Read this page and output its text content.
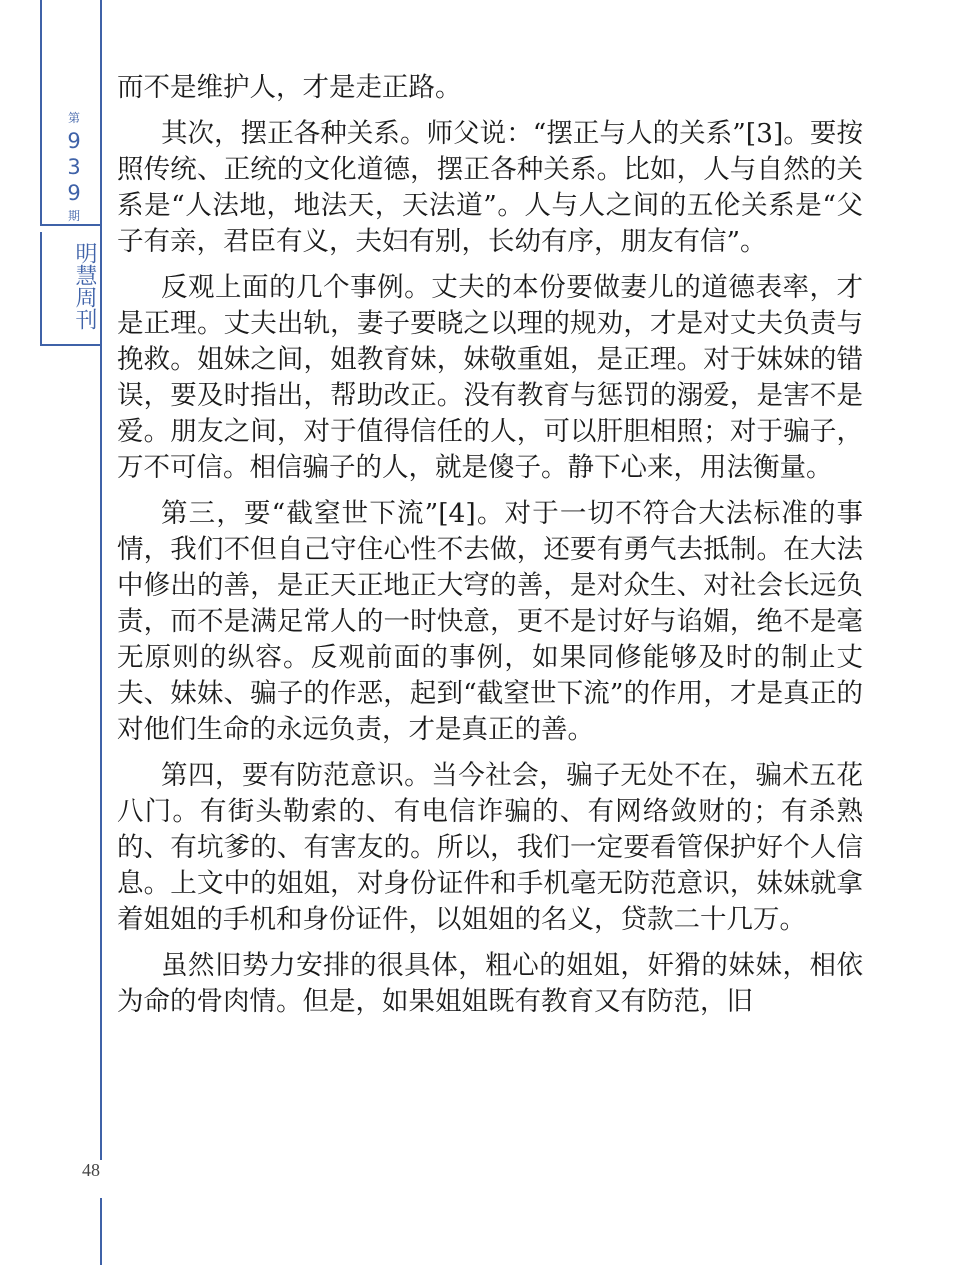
第
9
3
9
期
明慧周刊
48

而不是维护人，才是走正路。

其次，摆正各种关系。师父说：“摆正与人的关系”[3]。要按照传统、正统的文化道德，摆正各种关系。比如，人与自然的关系是“人法地，地法天，天法道”。人与人之间的五伦关系是“父子有亲，君臣有义，夫妇有别，长幼有序，朋友有信”。

反观上面的几个事例。丈夫的本份要做妻儿的道德表率，才是正理。丈夫出轨，妻子要晓之以理的规劝，才是对丈夫负责与挽救。姐妹之间，姐教育妹，妹敬重姐，是正理。对于妹妹的错误，要及时指出，帮助改正。没有教育与惩罚的溺爱，是害不是爱。朋友之间，对于值得信任的人，可以肝胆相照；对于骗子，万不可信。相信骗子的人，就是傻子。静下心来，用法衡量。

第三，要“截窒世下流”[4]。对于一切不符合大法标准的事情，我们不但自己守住心性不去做，还要有勇气去抵制。在大法中修出的善，是正天正地正大穹的善，是对众生、对社会长远负责，而不是满足常人的一时快意，更不是讨好与谄媚，绝不是毫无原则的纵容。反观前面的事例，如果同修能够及时的制止丈夫、妹妹、骗子的作恶，起到“截窒世下流”的作用，才是真正的对他们生命的永远负责，才是真正的善。

第四，要有防范意识。当今社会，骗子无处不在，骗术五花八门。有街头勒索的、有电信诈骗的、有网络敛财的；有杀熟的、有坑爹的、有害友的。所以，我们一定要看管保护好个人信息。上文中的姐姐，对身份证件和手机毫无防范意识，妹妹就拿着姐姐的手机和身份证件，以姐姐的名义，贷款二十几万。

虽然旧势力安排的很具体，粗心的姐姐，奸猾的妹妹，相依为命的骨肉情。但是，如果姐姐既有教育又有防范，旧
